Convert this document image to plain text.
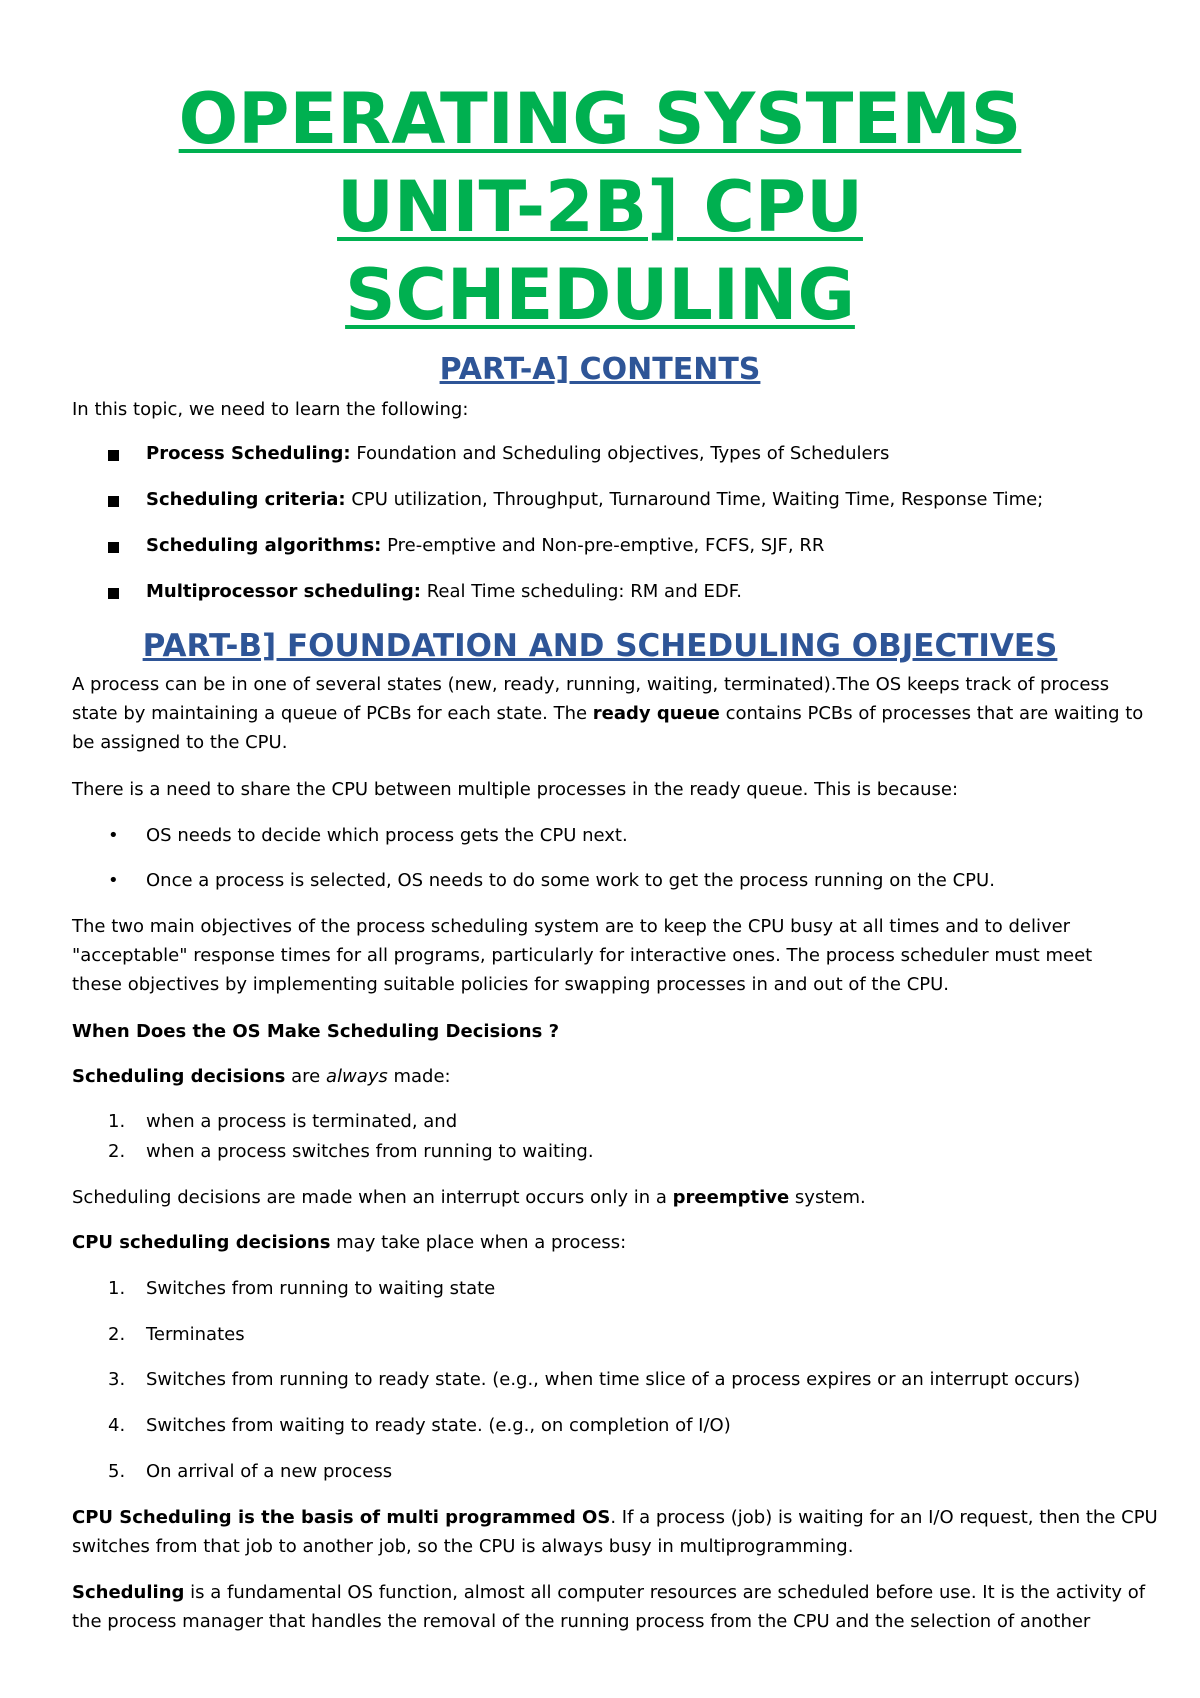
OPERATING SYSTEMS
UNIT-2B] CPU
SCHEDULING
PART-A] CONTENTS

In this topic, we need to learn the following:

Process Scheduling: Foundation and Scheduling objectives, Types of Schedulers
Scheduling criteria: CPU utilization, Throughput, Turnaround Time, Waiting Time, Response Time;
Scheduling algorithms: Pre-emptive and Non-pre-emptive, FCFS, SJF, RR
Multiprocessor scheduling: Real Time scheduling: RM and EDF.
PART-B] FOUNDATION AND SCHEDULING OBJECTIVES

A process can be in one of several states (new, ready, running, waiting, terminated).The OS keeps track of process

state by maintaining a queue of PCBs for each state. The ready queue contains PCBs of processes that are waiting to

be assigned to the CPU.

There is a need to share the CPU between multiple processes in the ready queue. This is because:

• OS needs to decide which process gets the CPU next.
• Once a process is selected, OS needs to do some work to get the process running on the CPU.

The two main objectives of the process scheduling system are to keep the CPU busy at all times and to deliver

"acceptable" response times for all programs, particularly for interactive ones. The process scheduler must meet

these objectives by implementing suitable policies for swapping processes in and out of the CPU.

When Does the OS Make Scheduling Decisions ?

Scheduling decisions are always made:

1. when a process is terminated, and
2. when a process switches from running to waiting.

Scheduling decisions are made when an interrupt occurs only in a preemptive system.

CPU scheduling decisions may take place when a process:

1. Switches from running to waiting state
2. Terminates
3. Switches from running to ready state. (e.g., when time slice of a process expires or an interrupt occurs)
4. Switches from waiting to ready state. (e.g., on completion of I/O)
5. On arrival of a new process

CPU Scheduling is the basis of multi programmed OS. If a process (job) is waiting for an I/O request, then the CPU

switches from that job to another job, so the CPU is always busy in multiprogramming.

Scheduling is a fundamental OS function, almost all computer resources are scheduled before use. It is the activity of

the process manager that handles the removal of the running process from the CPU and the selection of another
